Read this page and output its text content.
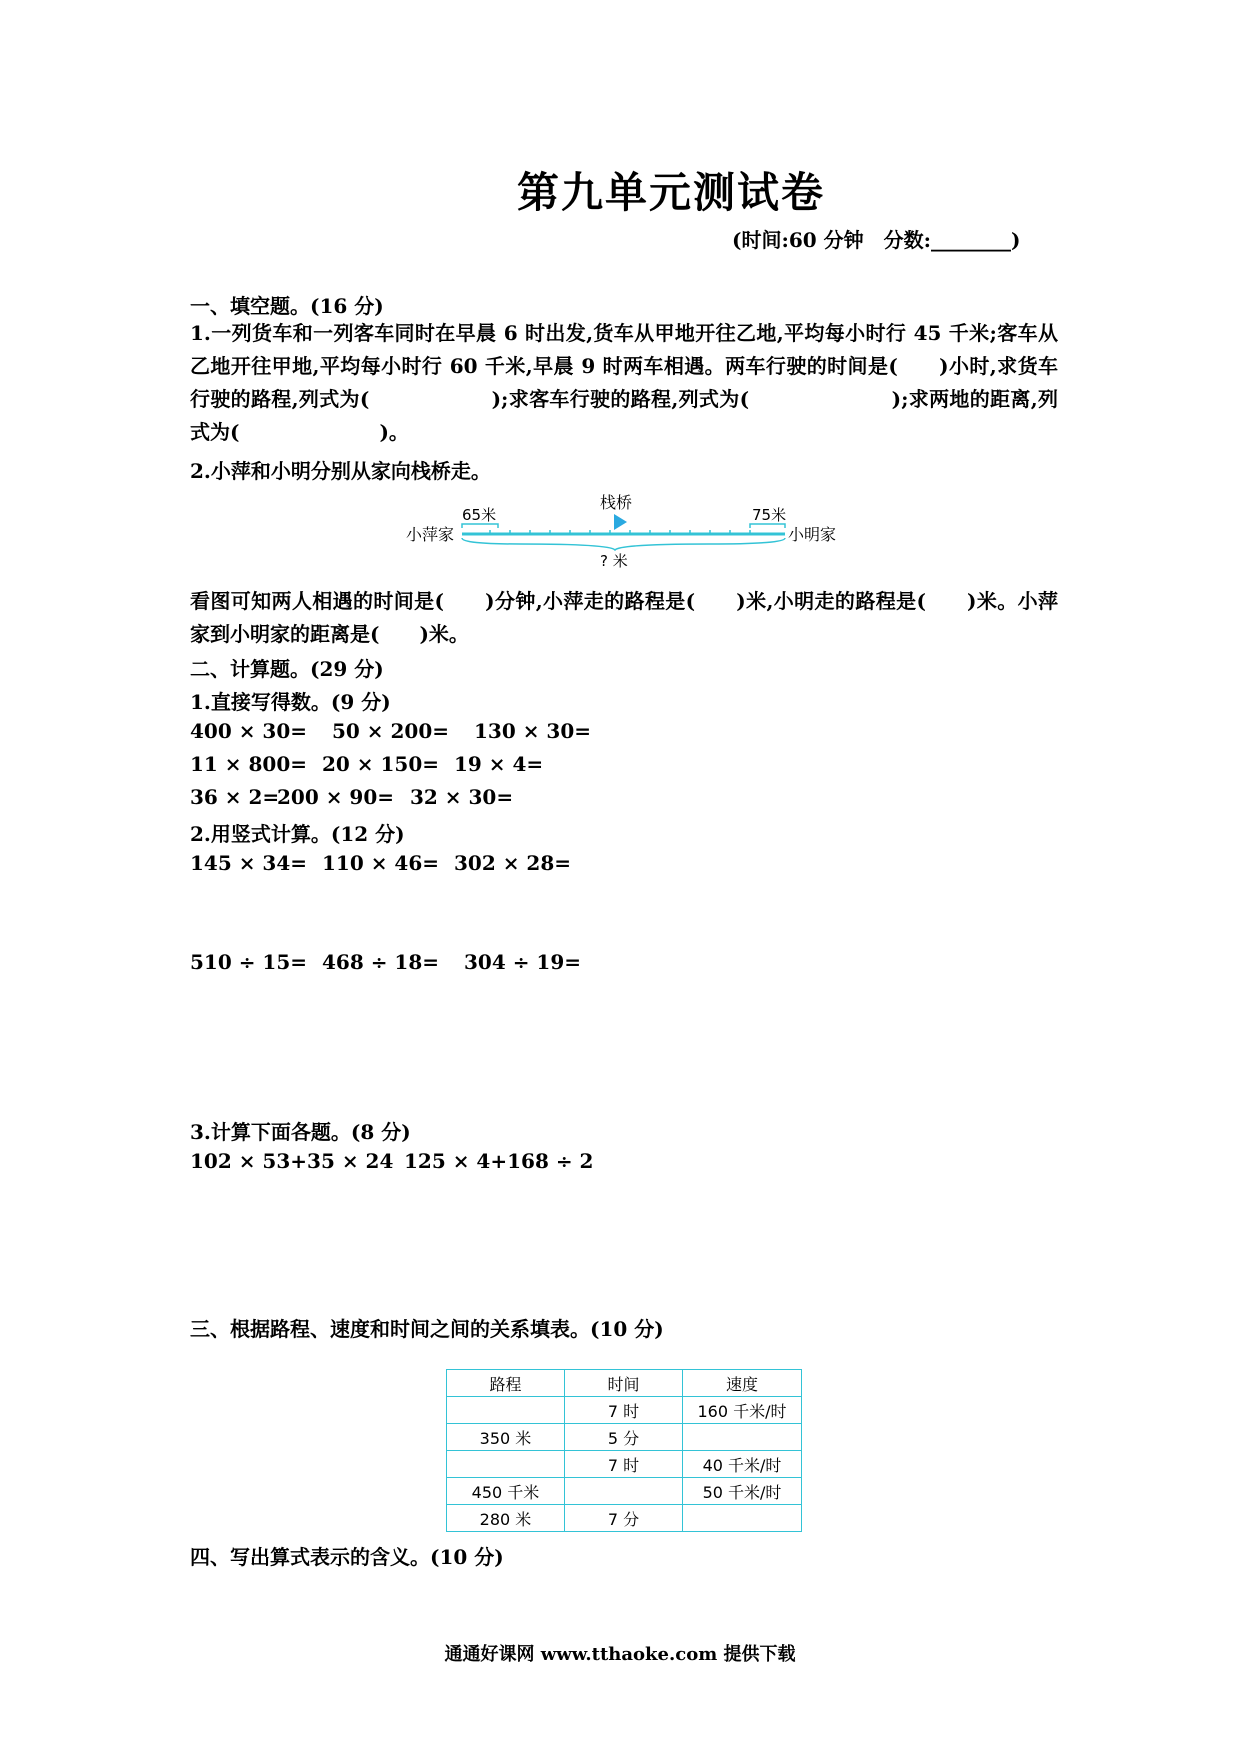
第九单元测试卷
(时间:60 分钟　分数:________)
一、填空题。(16 分)
1.一列货车和一列客车同时在早晨 6 时出发,货车从甲地开往乙地,平均每小时行 45 千米;客车从乙地开往甲地,平均每小时行 60 千米,早晨 9 时两车相遇。两车行驶的时间是(　　)小时,求货车行驶的路程,列式为(　　　　　　);求客车行驶的路程,列式为(　　　　　　　);求两地的距离,列式为(　　　　　　　)。
2.小萍和小明分别从家向栈桥走。
小萍家	小明家
65米	75米
栈桥
? 米
看图可知两人相遇的时间是(　　)分钟,小萍走的路程是(　　)米,小明走的路程是(　　)米。小萍家到小明家的距离是(　　)米。
二、计算题。(29 分)
1.直接写得数。(9 分)
400 × 30= 50 × 200= 130 × 30=
11 × 800= 20 × 150= 19 × 4=
36 × 2=
200 × 90= 32 × 30=
2.用竖式计算。(12 分)
145 × 34= 110 × 46= 302 × 28=
510 ÷ 15= 468 ÷ 18= 304 ÷ 19=
3.计算下面各题。(8 分)
102 × 53+35 × 24 125 × 4+168 ÷ 2
三、根据路程、速度和时间之间的关系填表。(10 分)
路程	时间	速度
	7 时	160 千米/时
350 米	5 分	
	7 时	40 千米/时
450 千米		50 千米/时
280 米	7 分	
四、写出算式表示的含义。(10 分)
通通好课网 www.tthaoke.com 提供下载
